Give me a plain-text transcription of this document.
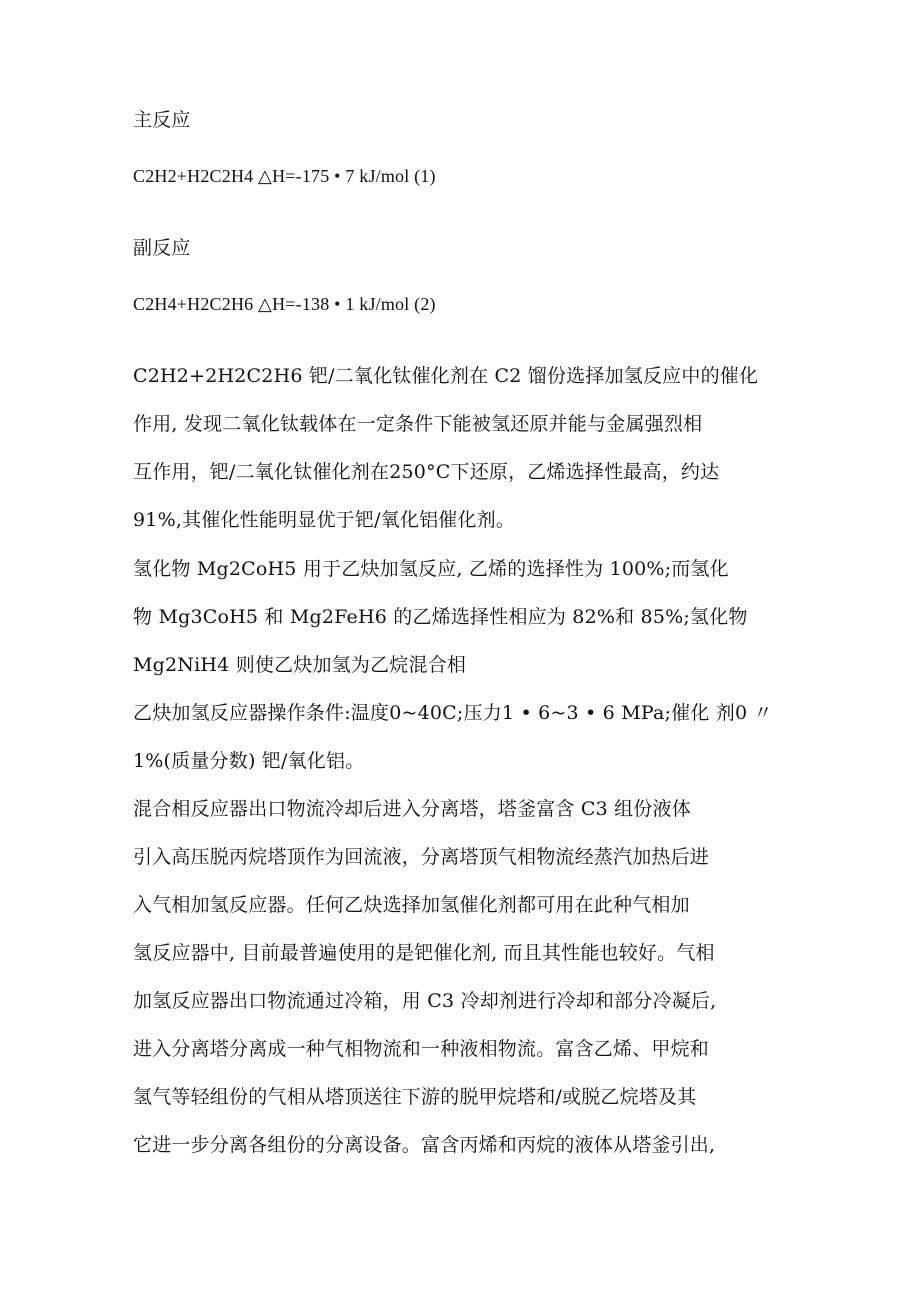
主反应
C2H2+H2C2H4 △H=-175 • 7 kJ/mol (1)
副反应
C2H4+H2C2H6 △H=-138 • 1 kJ/mol (2)
C2H2+2H2C2H6 钯/二氧化钛催化剂在 C2 馏份选择加氢反应中的催化
作用, 发现二氧化钛载体在一定条件下能被氢还原并能与金属强烈相
互作用，钯/二氧化钛催化剂在250°C下还原，乙烯选择性最高，约达
91%,其催化性能明显优于钯/氧化铝催化剂。
氢化物 Mg2CoH5 用于乙炔加氢反应, 乙烯的选择性为 100%;而氢化
物 Mg3CoH5 和 Mg2FeH6 的乙烯选择性相应为 82%和 85%;氢化物
Mg2NiH4 则使乙炔加氢为乙烷混合相
乙炔加氢反应器操作条件:温度0~40C;压力1 • 6~3 • 6 MPa;催化 剂0 〃
1%(质量分数) 钯/氧化铝。
混合相反应器出口物流冷却后进入分离塔，塔釜富含 C3 组份液体
引入高压脱丙烷塔顶作为回流液，分离塔顶气相物流经蒸汽加热后进
入气相加氢反应器。任何乙炔选择加氢催化剂都可用在此种气相加
氢反应器中, 目前最普遍使用的是钯催化剂, 而且其性能也较好。气相
加氢反应器出口物流通过冷箱，用 C3 冷却剂进行冷却和部分冷凝后,
进入分离塔分离成一种气相物流和一种液相物流。富含乙烯、甲烷和
氢气等轻组份的气相从塔顶送往下游的脱甲烷塔和/或脱乙烷塔及其
它进一步分离各组份的分离设备。富含丙烯和丙烷的液体从塔釜引出,
